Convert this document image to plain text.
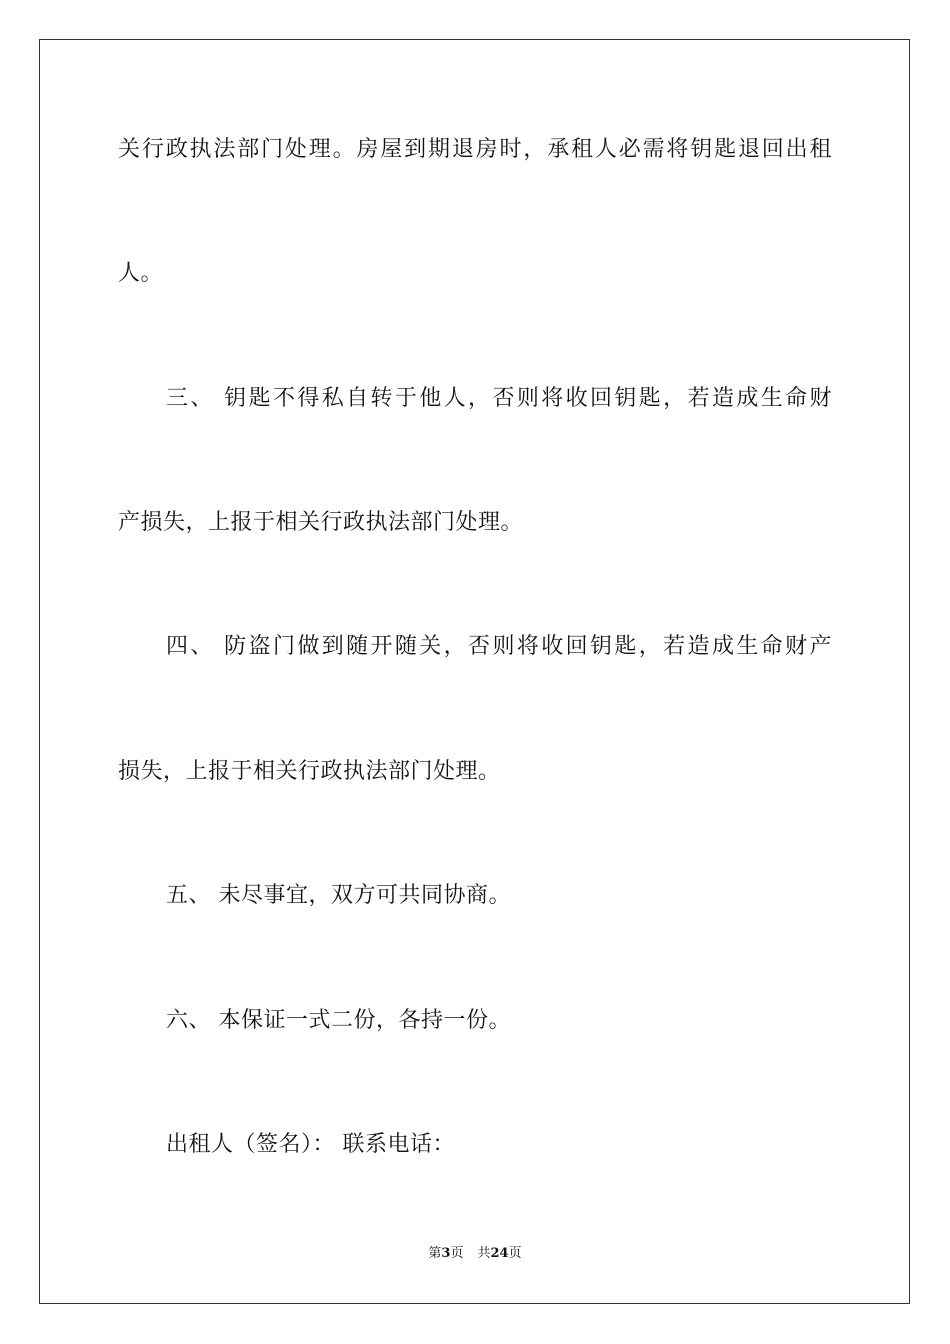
关行政执法部门处理。房屋到期退房时，承租人必需将钥匙退回出租
人。
三、 钥匙不得私自转于他人，否则将收回钥匙，若造成生命财
产损失，上报于相关行政执法部门处理。
四、 防盗门做到随开随关，否则将收回钥匙，若造成生命财产
损失，上报于相关行政执法部门处理。
五、 未尽事宜，双方可共同协商。
六、 本保证一式二份，各持一份。
出租人（签名）： 联系电话：
第3页 共24页
